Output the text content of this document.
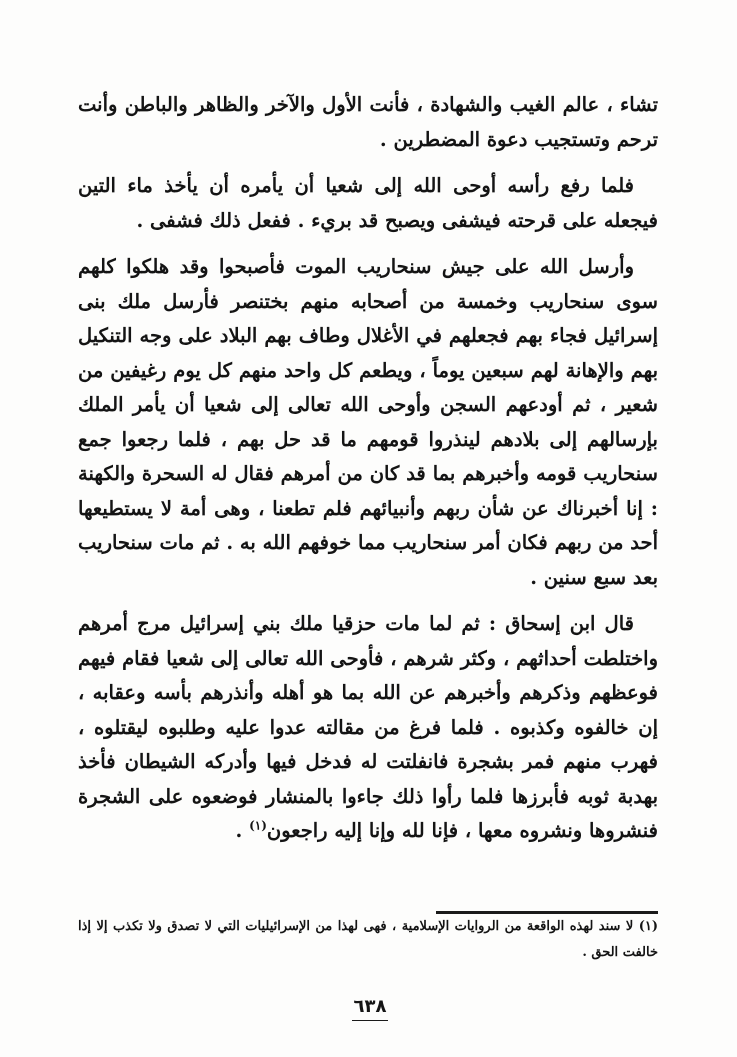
تشاء ، عالم الغيب والشهادة ، فأنت الأول والآخر والظاهر والباطن وأنت ترحم وتستجيب دعوة المضطرين .

فلما رفع رأسه أوحى الله إلى شعيا أن يأمره أن يأخذ ماء التين فيجعله على قرحته فيشفى ويصبح قد بريء . ففعل ذلك فشفى .

وأرسل الله على جيش سنحاريب الموت فأصبحوا وقد هلكوا كلهم سوى سنحاريب وخمسة من أصحابه منهم بختنصر فأرسل ملك بنى إسرائيل فجاء بهم فجعلهم في الأغلال وطاف بهم البلاد على وجه التنكيل بهم والإهانة لهم سبعين يوماً ، ويطعم كل واحد منهم كل يوم رغيفين من شعير ، ثم أودعهم السجن وأوحى الله تعالى إلى شعيا أن يأمر الملك بإرسالهم إلى بلادهم لينذروا قومهم ما قد حل بهم ، فلما رجعوا جمع سنحاريب قومه وأخبرهم بما قد كان من أمرهم فقال له السحرة والكهنة : إنا أخبرناك عن شأن ربهم وأنبيائهم فلم تطعنا ، وهى أمة لا يستطيعها أحد من ربهم فكان أمر سنحاريب مما خوفهم الله به . ثم مات سنحاريب بعد سبع سنين .

قال ابن إسحاق : ثم لما مات حزقيا ملك بني إسرائيل مرج أمرهم واختلطت أحداثهم ، وكثر شرهم ، فأوحى الله تعالى إلى شعيا فقام فيهم فوعظهم وذكرهم وأخبرهم عن الله بما هو أهله وأنذرهم بأسه وعقابه ، إن خالفوه وكذبوه . فلما فرغ من مقالته عدوا عليه وطلبوه ليقتلوه ، فهرب منهم فمر بشجرة فانفلتت له فدخل فيها وأدركه الشيطان فأخذ بهدبة ثوبه فأبرزها فلما رأوا ذلك جاءوا بالمنشار فوضعوه على الشجرة فنشروها ونشروه معها ، فإنا لله وإنا إليه راجعون$^{(١)}$ .

(١) لا سند لهذه الواقعة من الروايات الإسلامية ، فهى لهذا من الإسرائيليات التي لا تصدق ولا تكذب إلا إذا خالفت الحق .

٦٣٨
